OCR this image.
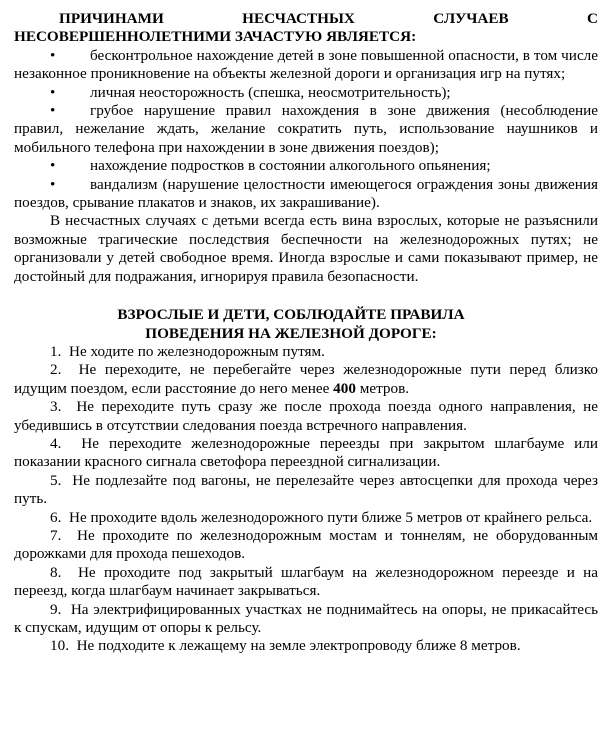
ПРИЧИНАМИ НЕСЧАСТНЫХ СЛУЧАЕВ С
НЕСОВЕРШЕННОЛЕТНИМИ ЗАЧАСТУЮ ЯВЛЯЕТСЯ:
• бесконтрольное нахождение детей в зоне повышенной опасности, в том числе незаконное проникновение на объекты железной дороги и организация игр на путях;
• личная неосторожность (спешка, неосмотрительность);
• грубое нарушение правил нахождения в зоне движения (несоблюдение правил, нежелание ждать, желание сократить путь, использование наушников и мобильного телефона при нахождении в зоне движения поездов);
• нахождение подростков в состоянии алкогольного опьянения;
• вандализм (нарушение целостности имеющегося ограждения зоны движения поездов, срывание плакатов и знаков, их закрашивание).
В несчастных случаях с детьми всегда есть вина взрослых, которые не разъяснили возможные трагические последствия беспечности на железнодорожных путях; не организовали у детей свободное время. Иногда взрослые и сами показывают пример, не достойный для подражания, игнорируя правила безопасности.
ВЗРОСЛЫЕ И ДЕТИ, СОБЛЮДАЙТЕ ПРАВИЛА
ПОВЕДЕНИЯ НА ЖЕЛЕЗНОЙ ДОРОГЕ:
1. Не ходите по железнодорожным путям.
2. Не переходите, не перебегайте через железнодорожные пути перед близко идущим поездом, если расстояние до него менее 400 метров.
3. Не переходите путь сразу же после прохода поезда одного направления, не убедившись в отсутствии следования поезда встречного направления.
4. Не переходите железнодорожные переезды при закрытом шлагбауме или показании красного сигнала светофора переездной сигнализации.
5. Не подлезайте под вагоны, не перелезайте через автосцепки для прохода через путь.
6. Не проходите вдоль железнодорожного пути ближе 5 метров от крайнего рельса.
7. Не проходите по железнодорожным мостам и тоннелям, не оборудованным дорожками для прохода пешеходов.
8. Не проходите под закрытый шлагбаум на железнодорожном переезде и на переезд, когда шлагбаум начинает закрываться.
9. На электрифицированных участках не поднимайтесь на опоры, не прикасайтесь к спускам, идущим от опоры к рельсу.
10. Не подходите к лежащему на земле электропроводу ближе 8 метров.
